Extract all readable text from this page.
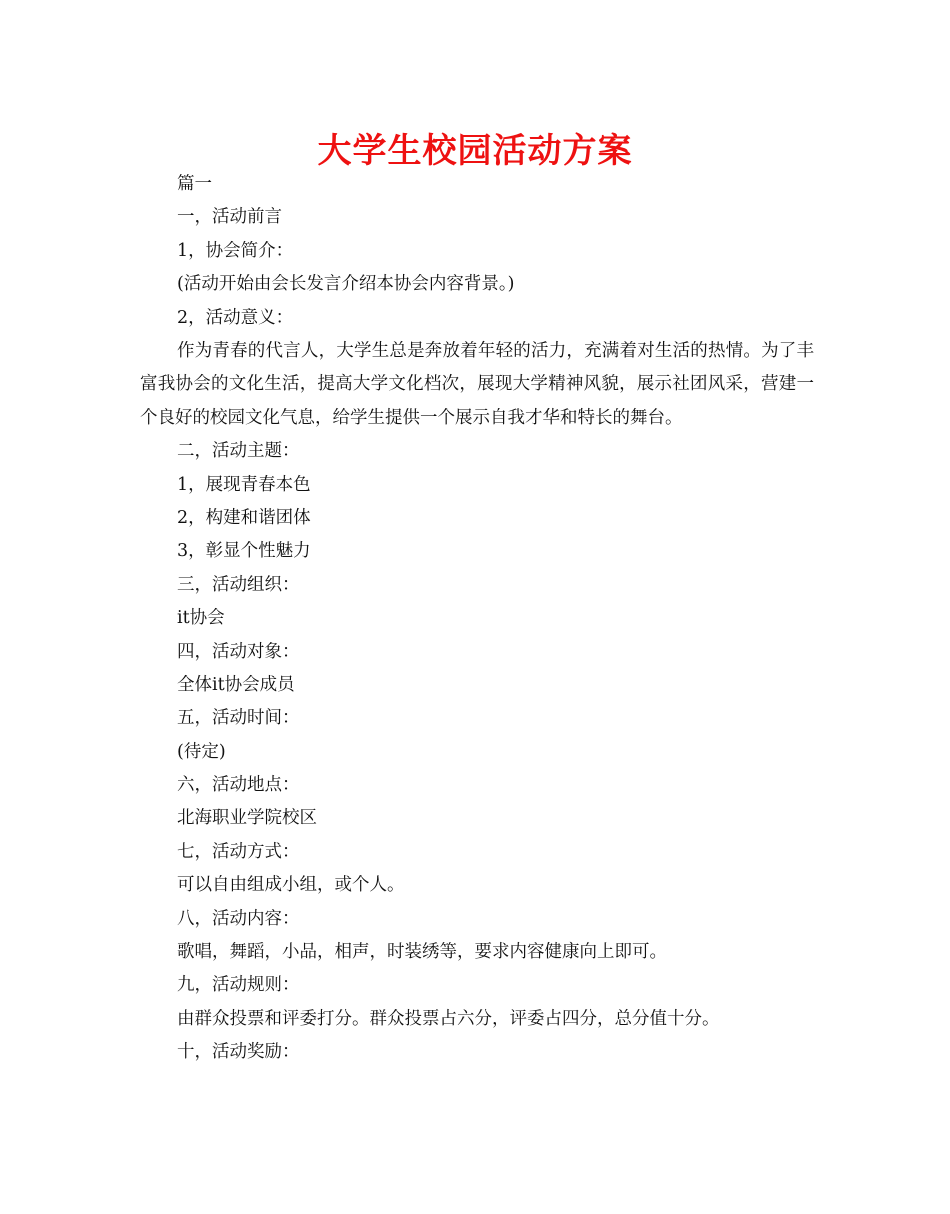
大学生校园活动方案
篇一
一，活动前言
1，协会简介：
(活动开始由会长发言介绍本协会内容背景。)
2，活动意义：

作为青春的代言人，大学生总是奔放着年轻的活力，充满着对生活的热情。为了丰富我协会的文化生活，提高大学文化档次，展现大学精神风貌，展示社团风采，营建一个良好的校园文化气息，给学生提供一个展示自我才华和特长的舞台。

二，活动主题：
1，展现青春本色
2，构建和谐团体
3，彰显个性魅力
三，活动组织：
it协会
四，活动对象：
全体it协会成员
五，活动时间：
(待定)
六，活动地点：
北海职业学院校区
七，活动方式：
可以自由组成小组，或个人。
八，活动内容：
歌唱，舞蹈，小品，相声，时装绣等，要求内容健康向上即可。
九，活动规则：
由群众投票和评委打分。群众投票占六分，评委占四分，总分值十分。
十，活动奖励：
